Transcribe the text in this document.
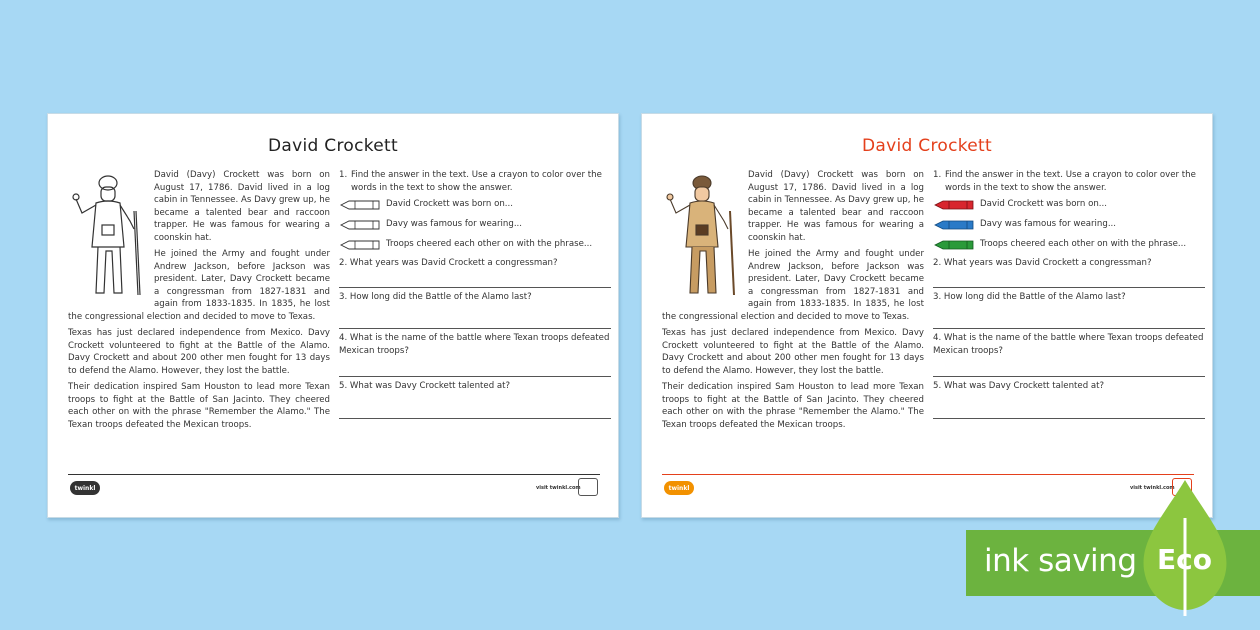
David Crockett

David (Davy) Crockett was born on August 17, 1786. David lived in a log cabin in Tennessee. As Davy grew up, he became a talented bear and raccoon trapper. He was famous for wearing a coonskin hat.

He joined the Army and fought under Andrew Jackson, before Jackson was president. Later, Davy Crockett became a congressman from 1827-1831 and again from 1833-1835. In 1835, he lost the congressional election and decided to move to Texas.

Texas has just declared independence from Mexico. Davy Crockett volunteered to fight at the Battle of the Alamo. Davy Crockett and about 200 other men fought for 13 days to defend the Alamo. However, they lost the battle.

Their dedication inspired Sam Houston to lead more Texan troops to fight at the Battle of San Jacinto. They cheered each other on with the phrase "Remember the Alamo." The Texan troops defeated the Mexican troops.

1. Find the answer in the text. Use a crayon to color over the words in the text to show the answer.
David Crockett was born on...
Davy was famous for wearing...
Troops cheered each other on with the phrase...
2. What years was David Crockett a congressman?
3. How long did the Battle of the Alamo last?
4. What is the name of the battle where Texan troops defeated Mexican troops?
5. What was Davy Crockett talented at?
twinkl	visit twinkl.com
David Crockett

David (Davy) Crockett was born on August 17, 1786. David lived in a log cabin in Tennessee. As Davy grew up, he became a talented bear and raccoon trapper. He was famous for wearing a coonskin hat.

He joined the Army and fought under Andrew Jackson, before Jackson was president. Later, Davy Crockett became a congressman from 1827-1831 and again from 1833-1835. In 1835, he lost the congressional election and decided to move to Texas.

Texas has just declared independence from Mexico. Davy Crockett volunteered to fight at the Battle of the Alamo. Davy Crockett and about 200 other men fought for 13 days to defend the Alamo. However, they lost the battle.

Their dedication inspired Sam Houston to lead more Texan troops to fight at the Battle of San Jacinto. They cheered each other on with the phrase "Remember the Alamo." The Texan troops defeated the Mexican troops.

1. Find the answer in the text. Use a crayon to color over the words in the text to show the answer.
David Crockett was born on...
Davy was famous for wearing...
Troops cheered each other on with the phrase...
2. What years was David Crockett a congressman?
3. How long did the Battle of the Alamo last?
4. What is the name of the battle where Texan troops defeated Mexican troops?
5. What was Davy Crockett talented at?
twinkl	visit twinkl.com
ink saving Eco
